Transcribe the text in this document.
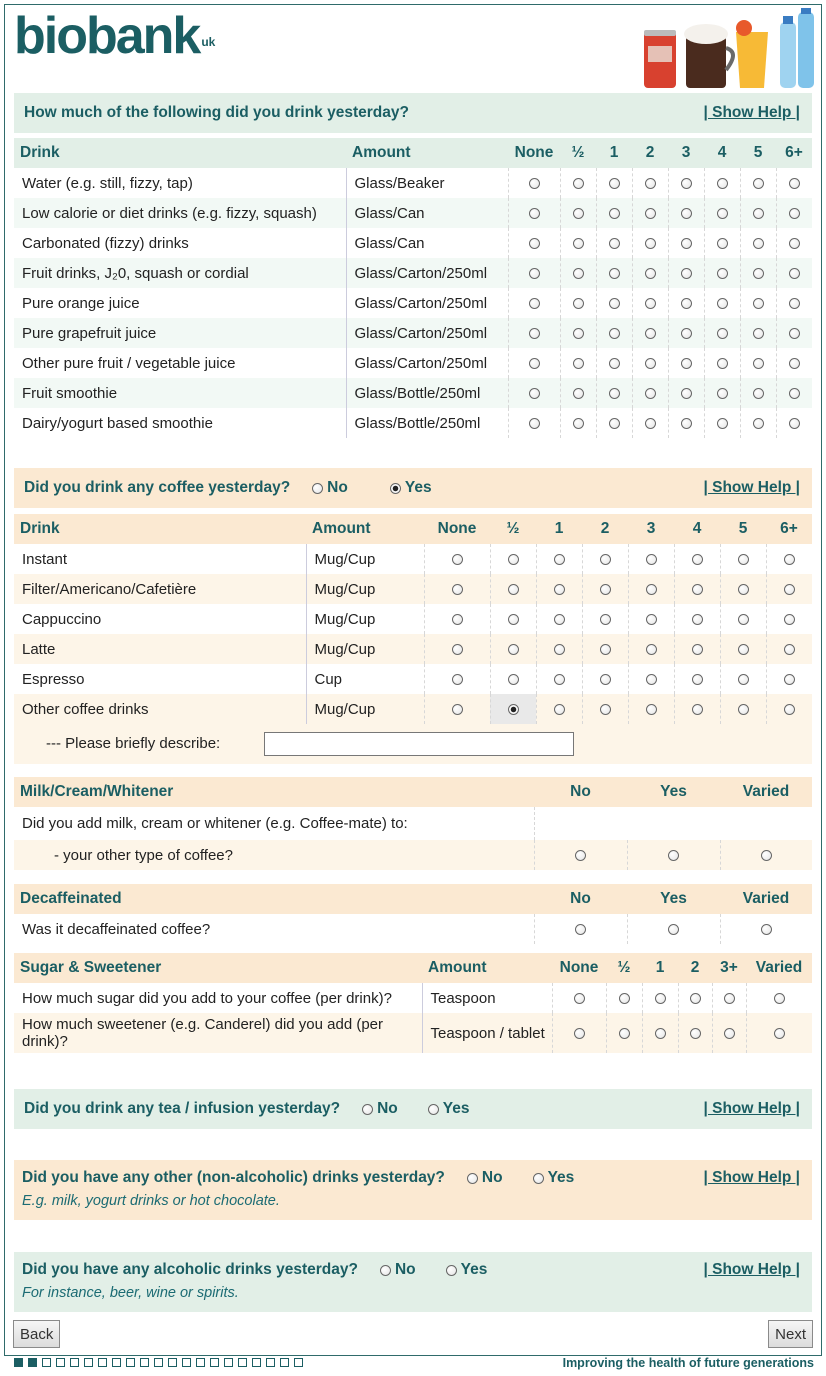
biobank $^{uk}$
How much of the following did you drink yesterday?	| Show Help |
Drink	Amount	None	½	1	2	3	4	5	6+
Water (e.g. still, fizzy, tap)	Glass/Beaker								
Low calorie or diet drinks (e.g. fizzy, squash)	Glass/Can								
Carbonated (fizzy) drinks	Glass/Can								
Fruit drinks, J₂0, squash or cordial	Glass/Carton/250ml								
Pure orange juice	Glass/Carton/250ml								
Pure grapefruit juice	Glass/Carton/250ml								
Other pure fruit / vegetable juice	Glass/Carton/250ml								
Fruit smoothie	Glass/Bottle/250ml								
Dairy/yogurt based smoothie	Glass/Bottle/250ml								
Did you drink any coffee yesterday? No	Yes	| Show Help |
Drink	Amount	None	½	1	2	3	4	5	6+
Instant	Mug/Cup								
Filter/Americano/Cafetière	Mug/Cup								
Cappuccino	Mug/Cup								
Latte	Mug/Cup								
Espresso	Cup								
Other coffee drinks	Mug/Cup								
--- Please briefly describe:									
Milk/Cream/Whitener	No	Yes	Varied
Did you add milk, cream or whitener (e.g. Coffee-mate) to:			
- your other type of coffee?			
Decaffeinated	No	Yes	Varied
Was it decaffeinated coffee?			
Sugar & Sweetener	Amount	None	½	1	2	3+	Varied
How much sugar did you add to your coffee (per drink)?	Teaspoon						
How much sweetener (e.g. Canderel) did you add (per drink)?	Teaspoon / tablet						
Did you drink any tea / infusion yesterday? No	Yes	| Show Help |
Did you have any other (non-alcoholic) drinks yesterday? No	Yes	| Show Help |
E.g. milk, yogurt drinks or hot chocolate.
Did you have any alcoholic drinks yesterday? No	Yes	| Show Help |
For instance, beer, wine or spirits.
Back	Next
Improving the health of future generations
